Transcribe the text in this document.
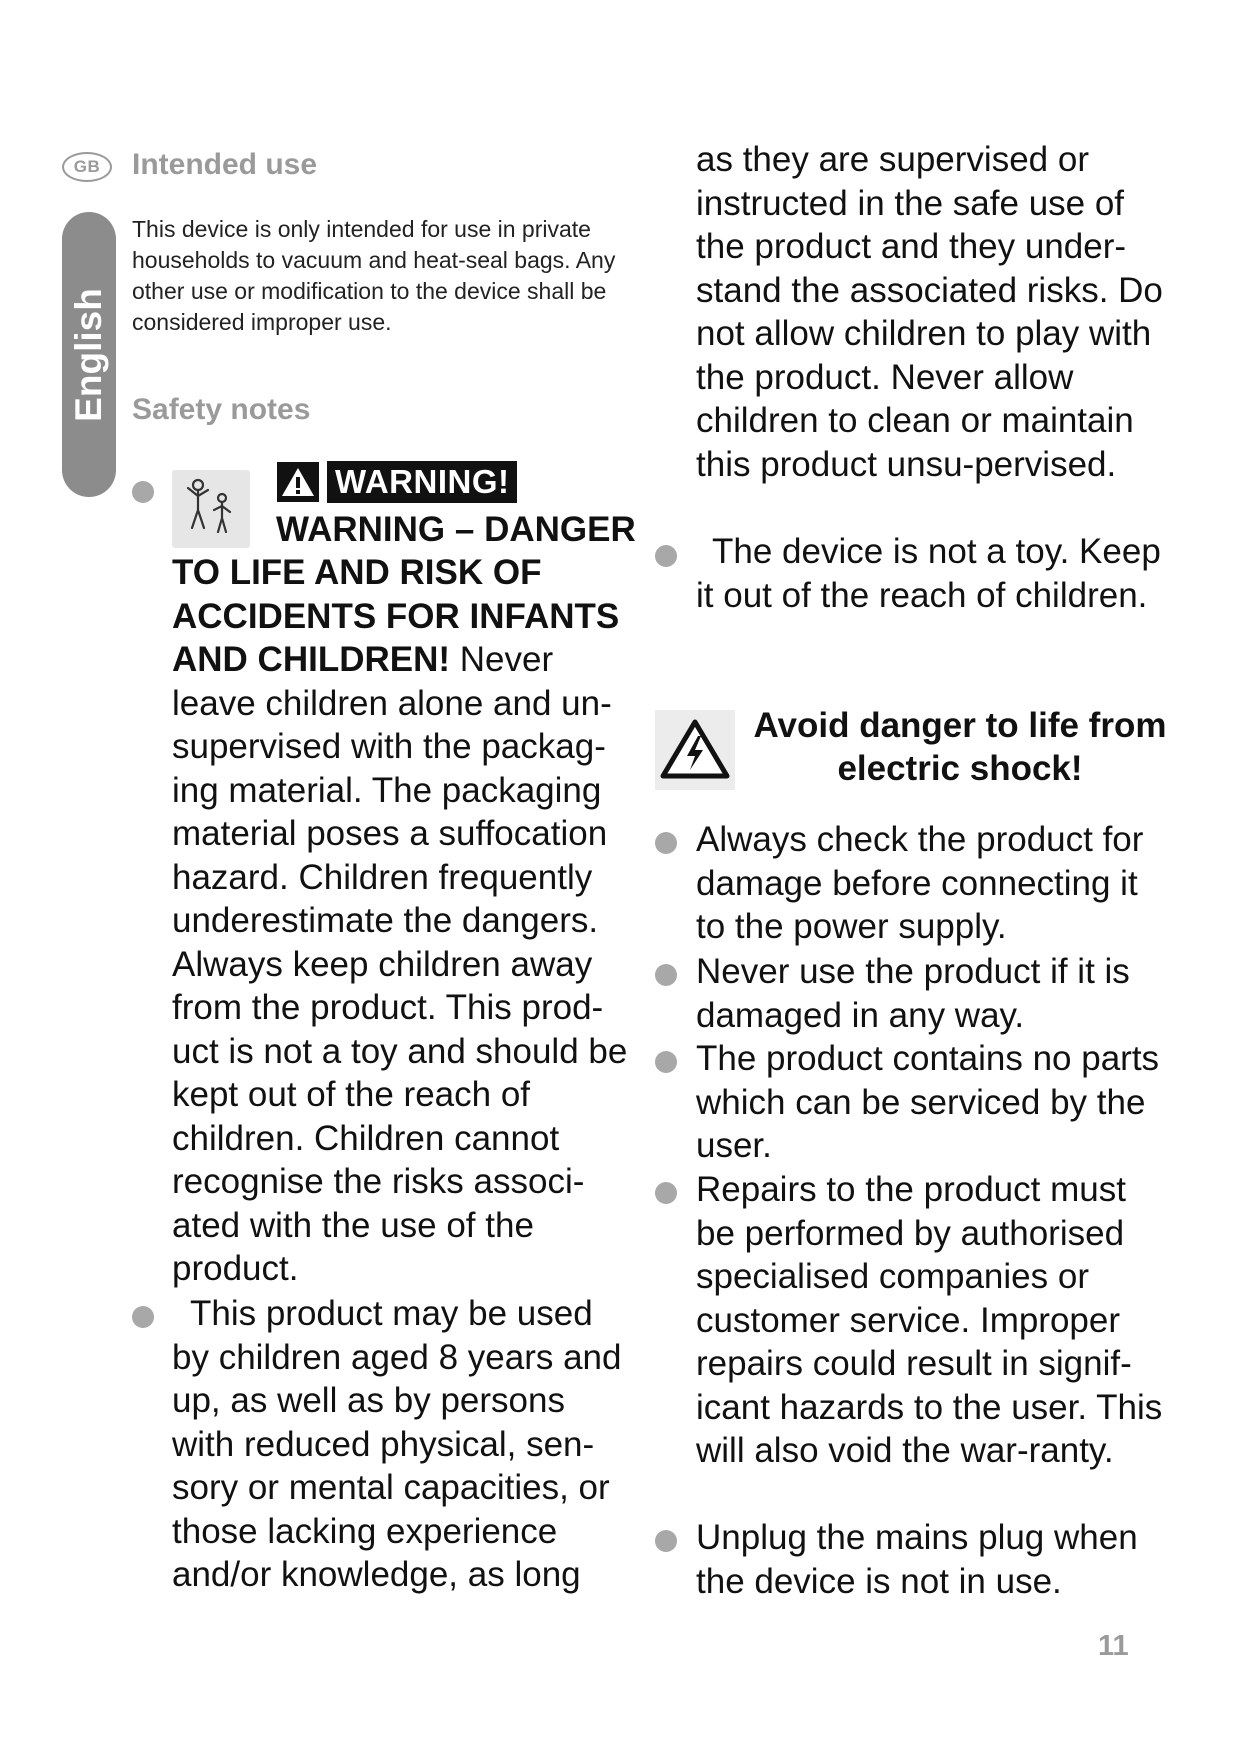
GB
English
Intended use
This device is only intended for use in private households to vacuum and heat-seal bags. Any other use or modification to the device shall be considered improper use.
Safety notes
WARNING!
WARNING – DANGER
TO LIFE AND RISK OF ACCIDENTS FOR INFANTS AND CHILDREN! Never leave children alone and un-supervised with the packag-ing material. The packaging material poses a suffocation hazard. Children frequently underestimate the dangers. Always keep children away from the product. This prod-uct is not a toy and should be kept out of the reach of children. Children cannot recognise the risks associ-ated with the use of the product.
This product may be used by children aged 8 years and up, as well as by persons with reduced physical, sen-sory or mental capacities, or those lacking experience and/or knowledge, as long
as they are supervised or instructed in the safe use of the product and they under-stand the associated risks. Do not allow children to play with the product. Never allow children to clean or maintain this product unsu-pervised.
The device is not a toy. Keep it out of the reach of children.
Avoid danger to life from electric shock!
Always check the product for damage before connecting it to the power supply.
Never use the product if it is damaged in any way.
The product contains no parts which can be serviced by the user.
Repairs to the product must be performed by authorised specialised companies or customer service. Improper repairs could result in signif-icant hazards to the user. This will also void the war-ranty.
Unplug the mains plug when the device is not in use.
11
